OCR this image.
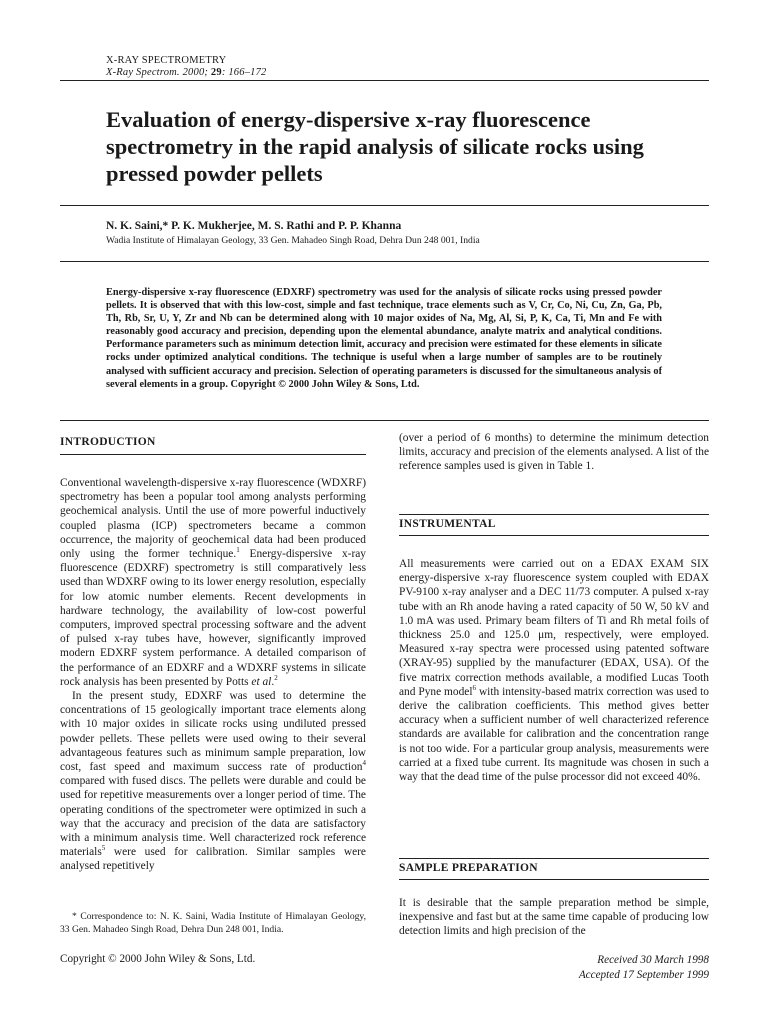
X-RAY SPECTROMETRY
X-Ray Spectrom. 2000; 29: 166–172
Evaluation of energy-dispersive x-ray fluorescence spectrometry in the rapid analysis of silicate rocks using pressed powder pellets
N. K. Saini,* P. K. Mukherjee, M. S. Rathi and P. P. Khanna
Wadia Institute of Himalayan Geology, 33 Gen. Mahadeo Singh Road, Dehra Dun 248 001, India

Energy-dispersive x-ray fluorescence (EDXRF) spectrometry was used for the analysis of silicate rocks using pressed powder pellets. It is observed that with this low-cost, simple and fast technique, trace elements such as V, Cr, Co, Ni, Cu, Zn, Ga, Pb, Th, Rb, Sr, U, Y, Zr and Nb can be determined along with 10 major oxides of Na, Mg, Al, Si, P, K, Ca, Ti, Mn and Fe with reasonably good accuracy and precision, depending upon the elemental abundance, analyte matrix and analytical conditions. Performance parameters such as minimum detection limit, accuracy and precision were estimated for these elements in silicate rocks under optimized analytical conditions. The technique is useful when a large number of samples are to be routinely analysed with sufficient accuracy and precision. Selection of operating parameters is discussed for the simultaneous analysis of several elements in a group. Copyright © 2000 John Wiley & Sons, Ltd.

INTRODUCTION

Conventional wavelength-dispersive x-ray fluorescence (WDXRF) spectrometry has been a popular tool among analysts performing geochemical analysis. Until the use of more powerful inductively coupled plasma (ICP) spectrometers became a common occurrence, the majority of geochemical data had been produced only using the former technique.$^1$ Energy-dispersive x-ray fluorescence (EDXRF) spectrometry is still comparatively less used than WDXRF owing to its lower energy resolution, especially for low atomic number elements. Recent developments in hardware technology, the availability of low-cost powerful computers, improved spectral processing software and the advent of pulsed x-ray tubes have, however, significantly improved modern EDXRF system performance. A detailed comparison of the performance of an EDXRF and a WDXRF systems in silicate rock analysis has been presented by Potts et al.$^2$

In the present study, EDXRF was used to determine the concentrations of 15 geologically important trace elements along with 10 major oxides in silicate rocks using undiluted pressed powder pellets. These pellets were used owing to their several advantageous features such as minimum sample preparation, low cost, fast speed and maximum success rate of production$^4$ compared with fused discs. The pellets were durable and could be used for repetitive measurements over a longer period of time. The operating conditions of the spectrometer were optimized in such a way that the accuracy and precision of the data are satisfactory with a minimum analysis time. Well characterized rock reference materials$^5$ were used for calibration. Similar samples were analysed repetitively

* Correspondence to: N. K. Saini, Wadia Institute of Himalayan Geology, 33 Gen. Mahadeo Singh Road, Dehra Dun 248 001, India.

(over a period of 6 months) to determine the minimum detection limits, accuracy and precision of the elements analysed. A list of the reference samples used is given in Table 1.

INSTRUMENTAL

All measurements were carried out on a EDAX EXAM SIX energy-dispersive x-ray fluorescence system coupled with EDAX PV-9100 x-ray analyser and a DEC 11/73 computer. A pulsed x-ray tube with an Rh anode having a rated capacity of 50 W, 50 kV and 1.0 mA was used. Primary beam filters of Ti and Rh metal foils of thickness 25.0 and 125.0 μm, respectively, were employed. Measured x-ray spectra were processed using patented software (XRAY-95) supplied by the manufacturer (EDAX, USA). Of the five matrix correction methods available, a modified Lucas Tooth and Pyne model$^6$ with intensity-based matrix correction was used to derive the calibration coefficients. This method gives better accuracy when a sufficient number of well characterized reference standards are available for calibration and the concentration range is not too wide. For a particular group analysis, measurements were carried at a fixed tube current. Its magnitude was chosen in such a way that the dead time of the pulse processor did not exceed 40%.

SAMPLE PREPARATION

It is desirable that the sample preparation method be simple, inexpensive and fast but at the same time capable of producing low detection limits and high precision of the

Copyright © 2000 John Wiley & Sons, Ltd.	Received 30 March 1998
Accepted 17 September 1999
